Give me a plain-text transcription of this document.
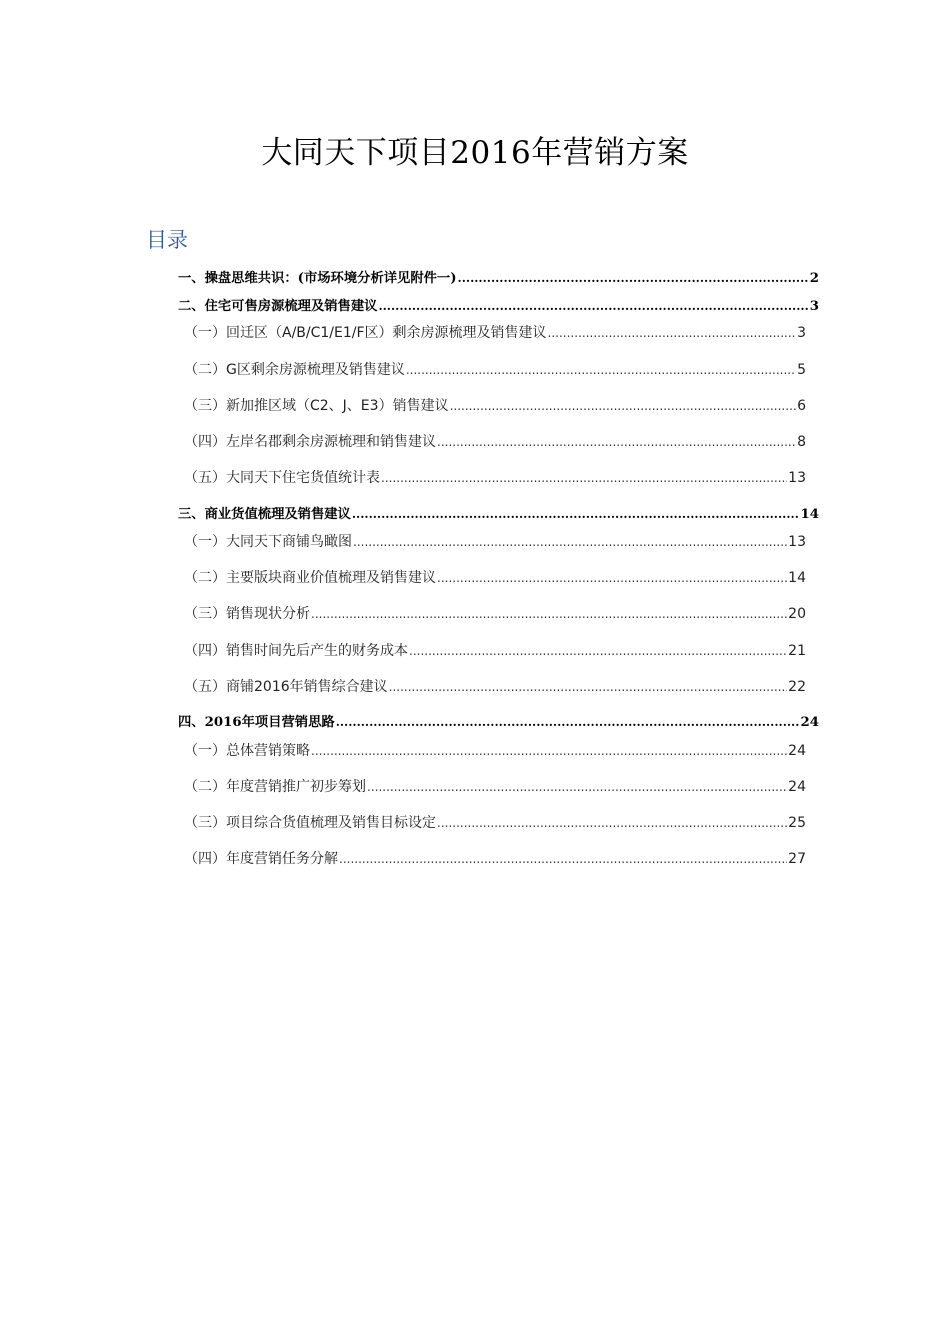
大同天下项目2016年营销方案
目录
一、操盘思维共识：(市场环境分析详见附件一) .....	2
二、住宅可售房源梳理及销售建议 .....	3
（一）回迁区（A/B/C1/E1/F区）剩余房源梳理及销售建议 .....	3
（二）G区剩余房源梳理及销售建议 .....	5
（三）新加推区域（C2、J、E3）销售建议 .....	6
（四）左岸名郡剩余房源梳理和销售建议 .....	8
（五）大同天下住宅货值统计表 .....	13
三、商业货值梳理及销售建议 .....	14
（一）大同天下商铺鸟瞰图 .....	13
（二）主要版块商业价值梳理及销售建议 .....	14
（三）销售现状分析 .....	20
（四）销售时间先后产生的财务成本 .....	21
（五）商铺2016年销售综合建议 .....	22
四、2016年项目营销思路 .....	24
（一）总体营销策略 .....	24
（二）年度营销推广初步筹划 .....	24
（三）项目综合货值梳理及销售目标设定 .....	25
（四）年度营销任务分解 .....	27
